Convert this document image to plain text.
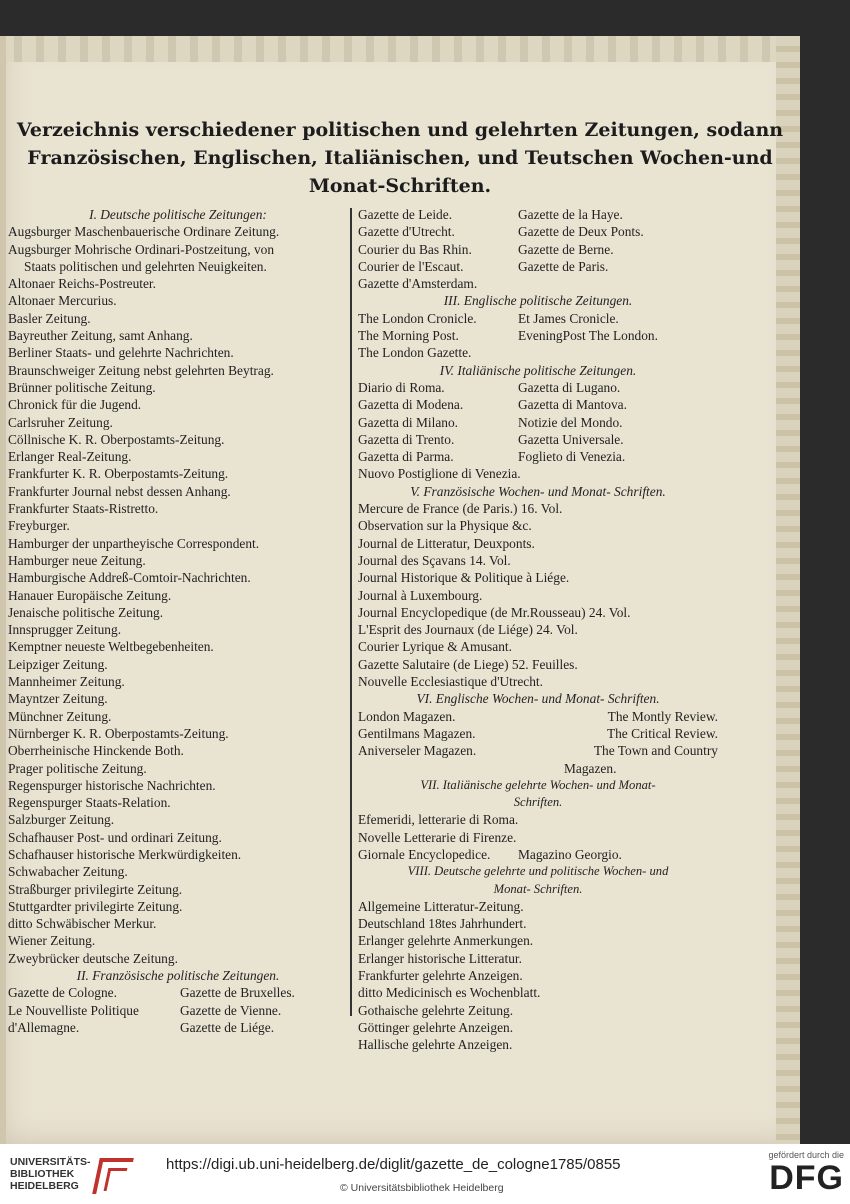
Verzeichnis verschiedener politischen und gelehrten Zeitungen, sodann Französischen, Englischen, Italiänischen, und Teutschen Wochen-und Monat-Schriften.
I. Deutsche politische Zeitungen:
Augsburger Maschenbauerische Ordinare Zeitung.
Augsburger Mohrische Ordinari-Postzeitung, von
Staats politischen und gelehrten Neuigkeiten.
Altonaer Reichs-Postreuter.
Altonaer Mercurius.
Basler Zeitung.
Bayreuther Zeitung, samt Anhang.
Berliner Staats- und gelehrte Nachrichten.
Braunschweiger Zeitung nebst gelehrten Beytrag.
Brünner politische Zeitung.
Chronick für die Jugend.
Carlsruher Zeitung.
Cöllnische K. R. Oberpostamts-Zeitung.
Erlanger Real-Zeitung.
Frankfurter K. R. Oberpostamts-Zeitung.
Frankfurter Journal nebst dessen Anhang.
Frankfurter Staats-Ristretto.
Freyburger.
Hamburger der unpartheyische Correspondent.
Hamburger neue Zeitung.
Hamburgische Addreß-Comtoir-Nachrichten.
Hanauer Europäische Zeitung.
Jenaische politische Zeitung.
Innsprugger Zeitung.
Kemptner neueste Weltbegebenheiten.
Leipziger Zeitung.
Mannheimer Zeitung.
Mayntzer Zeitung.
Münchner Zeitung.
Nürnberger K. R. Oberpostamts-Zeitung.
Oberrheinische Hinckende Both.
Prager politische Zeitung.
Regenspurger historische Nachrichten.
Regenspurger Staats-Relation.
Salzburger Zeitung.
Schafhauser Post- und ordinari Zeitung.
Schafhauser historische Merkwürdigkeiten.
Schwabacher Zeitung.
Straßburger privilegirte Zeitung.
Stuttgardter privilegirte Zeitung.
ditto Schwäbischer Merkur.
Wiener Zeitung.
Zweybrücker deutsche Zeitung.
II. Französische politische Zeitungen.
Gazette de Cologne.	Gazette de Bruxelles.
Le Nouvelliste Politique	Gazette de Vienne.
d'Allemagne.	Gazette de Liége.
Gazette de Leide.	Gazette de la Haye.
Gazette d'Utrecht.	Gazette de Deux Ponts.
Courier du Bas Rhin.	Gazette de Berne.
Courier de l'Escaut.	Gazette de Paris.
Gazette d'Amsterdam.
III. Englische politische Zeitungen.
The London Cronicle.	Et James Cronicle.
The Morning Post.	EveningPost The London.
The London Gazette.
IV. Italiänische politische Zeitungen.
Diario di Roma.	Gazetta di Lugano.
Gazetta di Modena.	Gazetta di Mantova.
Gazetta di Milano.	Notizie del Mondo.
Gazetta di Trento.	Gazetta Universale.
Gazetta di Parma.	Foglieto di Venezia.
Nuovo Postiglione di Venezia.
V. Französische Wochen- und Monat- Schriften.
Mercure de France (de Paris.) 16. Vol.
Observation sur la Physique &c.
Journal de Litteratur, Deuxponts.
Journal des Sçavans 14. Vol.
Journal Historique & Politique à Liége.
Journal à Luxembourg.
Journal Encyclopedique (de Mr.Rousseau) 24. Vol.
L'Esprit des Journaux (de Liége) 24. Vol.
Courier Lyrique & Amusant.
Gazette Salutaire (de Liege) 52. Feuilles.
Nouvelle Ecclesiastique d'Utrecht.
VI. Englische Wochen- und Monat- Schriften.
London Magazen.	The Montly Review.
Gentilmans Magazen.	The Critical Review.
Aniverseler Magazen.	The Town and Country
Magazen.
VII. Italiänische gelehrte Wochen- und Monat-
Schriften.
Efemeridi, letterarie di Roma.
Novelle Letterarie di Firenze.
Giornale Encyclopedice.	Magazino Georgio.
VIII. Deutsche gelehrte und politische Wochen- und
Monat- Schriften.
Allgemeine Litteratur-Zeitung.
Deutschland 18tes Jahrhundert.
Erlanger gelehrte Anmerkungen.
Erlanger historische Litteratur.
Frankfurter gelehrte Anzeigen.
ditto Medicinisch es Wochenblatt.
Gothaische gelehrte Zeitung.
Göttinger gelehrte Anzeigen.
Hallische gelehrte Anzeigen.
UNIVERSITÄTS-
BIBLIOTHEK
HEIDELBERG
https://digi.ub.uni-heidelberg.de/diglit/gazette_de_cologne1785/0855
© Universitätsbibliothek Heidelberg
gefördert durch die
DFG
